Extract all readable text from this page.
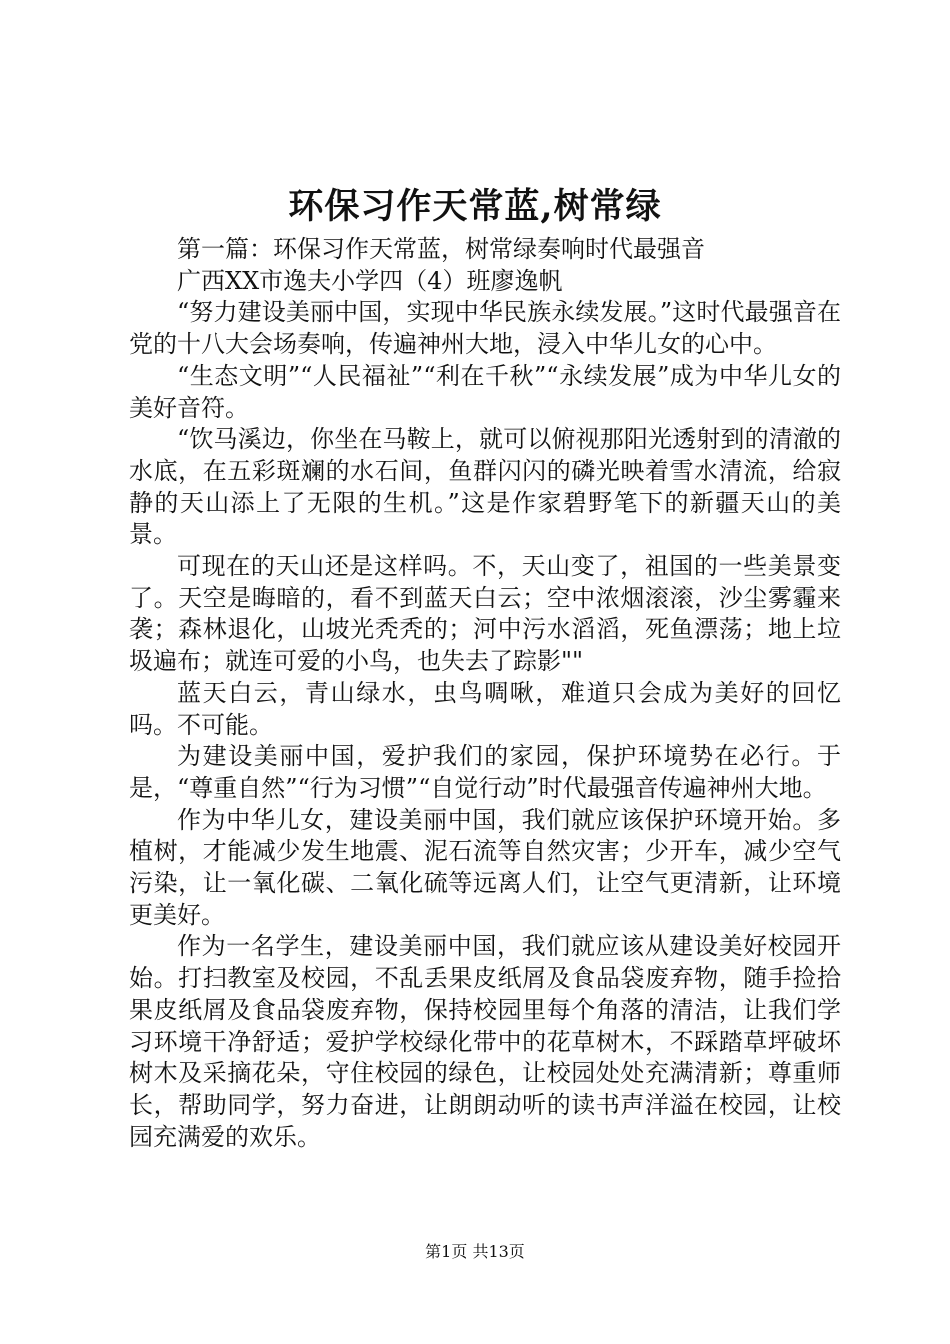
环保习作天常蓝,树常绿

第一篇：环保习作天常蓝，树常绿奏响时代最强音

广西XX市逸夫小学四（4）班廖逸帆

“努力建设美丽中国，实现中华民族永续发展。”这时代最强音在党的十八大会场奏响，传遍神州大地，浸入中华儿女的心中。

“生态文明”“人民福祉”“利在千秋”“永续发展”成为中华儿女的美好音符。

“饮马溪边，你坐在马鞍上，就可以俯视那阳光透射到的清澈的水底，在五彩斑斓的水石间，鱼群闪闪的磷光映着雪水清流，给寂静的天山添上了无限的生机。”这是作家碧野笔下的新疆天山的美景。

可现在的天山还是这样吗。不，天山变了，祖国的一些美景变了。天空是晦暗的，看不到蓝天白云；空中浓烟滚滚，沙尘雾霾来袭；森林退化，山坡光秃秃的；河中污水滔滔，死鱼漂荡；地上垃圾遍布；就连可爱的小鸟，也失去了踪影""

蓝天白云，青山绿水，虫鸟啁啾，难道只会成为美好的回忆吗。不可能。

为建设美丽中国，爱护我们的家园，保护环境势在必行。于是，“尊重自然”“行为习惯”“自觉行动”时代最强音传遍神州大地。

作为中华儿女，建设美丽中国，我们就应该保护环境开始。多植树，才能减少发生地震、泥石流等自然灾害；少开车，减少空气污染，让一氧化碳、二氧化硫等远离人们，让空气更清新，让环境更美好。

作为一名学生，建设美丽中国，我们就应该从建设美好校园开始。打扫教室及校园，不乱丢果皮纸屑及食品袋废弃物，随手捡拾果皮纸屑及食品袋废弃物，保持校园里每个角落的清洁，让我们学习环境干净舒适；爱护学校绿化带中的花草树木，不踩踏草坪破坏树木及采摘花朵，守住校园的绿色，让校园处处充满清新；尊重师长，帮助同学，努力奋进，让朗朗动听的读书声洋溢在校园，让校园充满爱的欢乐。

第1页 共13页
